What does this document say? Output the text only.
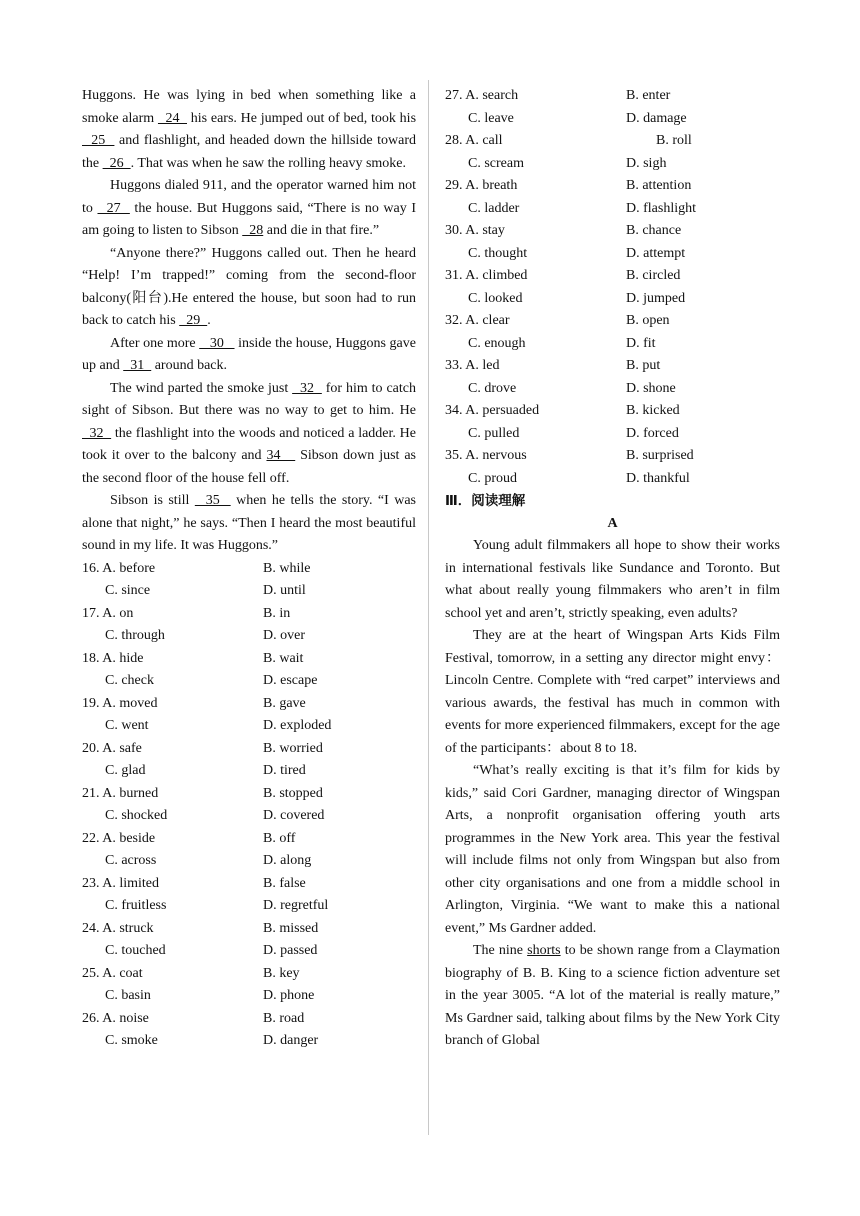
Huggons. He was lying in bed when something like a smoke alarm   24   his ears. He jumped out of bed, took his   25   and flashlight, and headed down the hillside toward the   26  . That was when he saw the rolling heavy smoke.

Huggons dialed 911, and the operator warned him not to   27   the house. But Huggons said, “There is no way I am going to listen to Sibson   28 and die in that fire.”

“Anyone there?” Huggons called out. Then he heard “Help! I’m trapped!” coming from the second-floor balcony(阳台).He entered the house, but soon had to run back to catch his   29  .

After one more    30    inside the house, Huggons gave up and   31   around back.

The wind parted the smoke just   32   for him to catch sight of Sibson. But there was no way to get to him. He   32   the flashlight into the woods and noticed a ladder. He took it over to the balcony and 34    Sibson down just as the second floor of the house fell off.

Sibson is still   35   when he tells the story. “I was alone that night,” he says. “Then I heard the most beautiful sound in my life. It was Huggons.”

16. A. before	B. while
C. since	D. until
17. A. on	B. in
C. through	D. over
18. A. hide	B. wait
C. check	D. escape
19. A. moved	B. gave
C. went	D. exploded
20. A. safe	B. worried
C. glad	D. tired
21. A. burned	B. stopped
C. shocked	D. covered
22. A. beside	B. off
C. across	D. along
23. A. limited	B. false
C. fruitless	D. regretful
24. A. struck	B. missed
C. touched	D. passed
25. A. coat	B. key
C. basin	D. phone
26. A. noise	B. road
C. smoke	D. danger
27. A. search	B. enter
C. leave	D. damage
28. A. call	B. roll
C. scream	D. sigh
29. A. breath	B. attention
C. ladder	D. flashlight
30. A. stay	B. chance
C. thought	D. attempt
31. A. climbed	B. circled
C. looked	D. jumped
32. A. clear	B. open
C. enough	D. fit
33. A. led	B. put
C. drove	D. shone
34. A. persuaded	B. kicked
C. pulled	D. forced
35. A. nervous	B. surprised
C. proud	D. thankful
Ⅲ．阅读理解
A

Young adult filmmakers all hope to show their works in international festivals like Sundance and Toronto. But what about really young filmmakers who aren’t in film school yet and aren’t, strictly speaking, even adults?

They are at the heart of Wingspan Arts Kids Film Festival, tomorrow, in a setting any director might envy： Lincoln Centre. Complete with “red carpet” interviews and various awards, the festival has much in common with events for more experienced filmmakers, except for the age of the participants：about 8 to 18.

“What’s really exciting is that it’s film for kids by kids,” said Cori Gardner, managing director of Wingspan Arts, a nonprofit organisation offering youth arts programmes in the New York area. This year the festival will include films not only from Wingspan but also from other city organisations and one from a middle school in Arlington, Virginia. “We want to make this a national event,” Ms Gardner added.

The nine shorts to be shown range from a Claymation biography of B. B. King to a science fiction adventure set in the year 3005. “A lot of the material is really mature,” Ms Gardner said, talking about films by the New York City branch of Global
